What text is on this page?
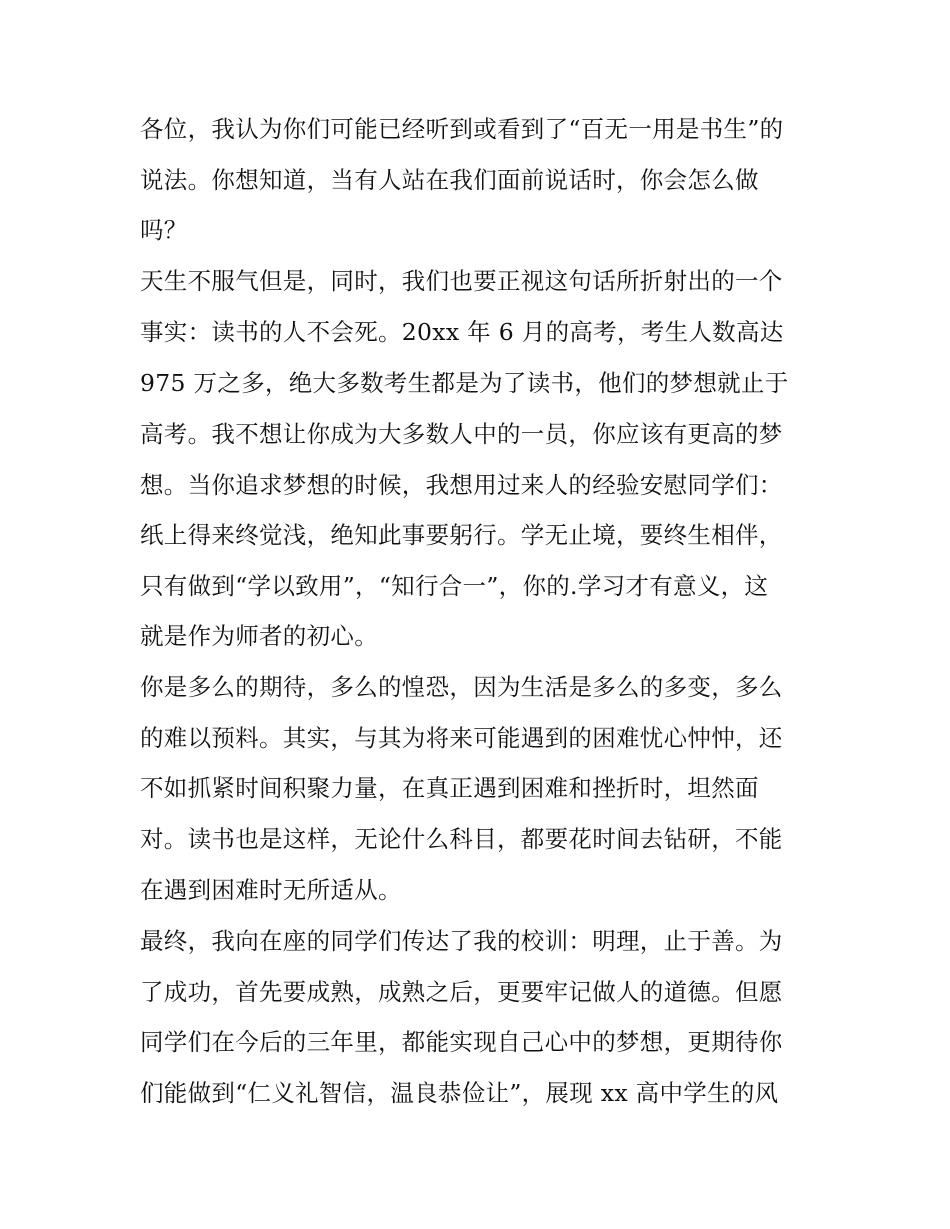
各位，我认为你们可能已经听到或看到了“百无一用是书生”的
说法。你想知道，当有人站在我们面前说话时，你会怎么做
吗？
天生不服气但是，同时，我们也要正视这句话所折射出的一个
事实：读书的人不会死。20xx 年 6 月的高考，考生人数高达
975 万之多，绝大多数考生都是为了读书，他们的梦想就止于
高考。我不想让你成为大多数人中的一员，你应该有更高的梦
想。当你追求梦想的时候，我想用过来人的经验安慰同学们：
纸上得来终觉浅，绝知此事要躬行。学无止境，要终生相伴，
只有做到“学以致用”，“知行合一”，你的.学习才有意义，这
就是作为师者的初心。
你是多么的期待，多么的惶恐，因为生活是多么的多变，多么
的难以预料。其实，与其为将来可能遇到的困难忧心忡忡，还
不如抓紧时间积聚力量，在真正遇到困难和挫折时，坦然面
对。读书也是这样，无论什么科目，都要花时间去钻研，不能
在遇到困难时无所适从。
最终，我向在座的同学们传达了我的校训：明理，止于善。为
了成功，首先要成熟，成熟之后，更要牢记做人的道德。但愿
同学们在今后的三年里，都能实现自己心中的梦想，更期待你
们能做到“仁义礼智信，温良恭俭让”，展现 xx 高中学生的风
